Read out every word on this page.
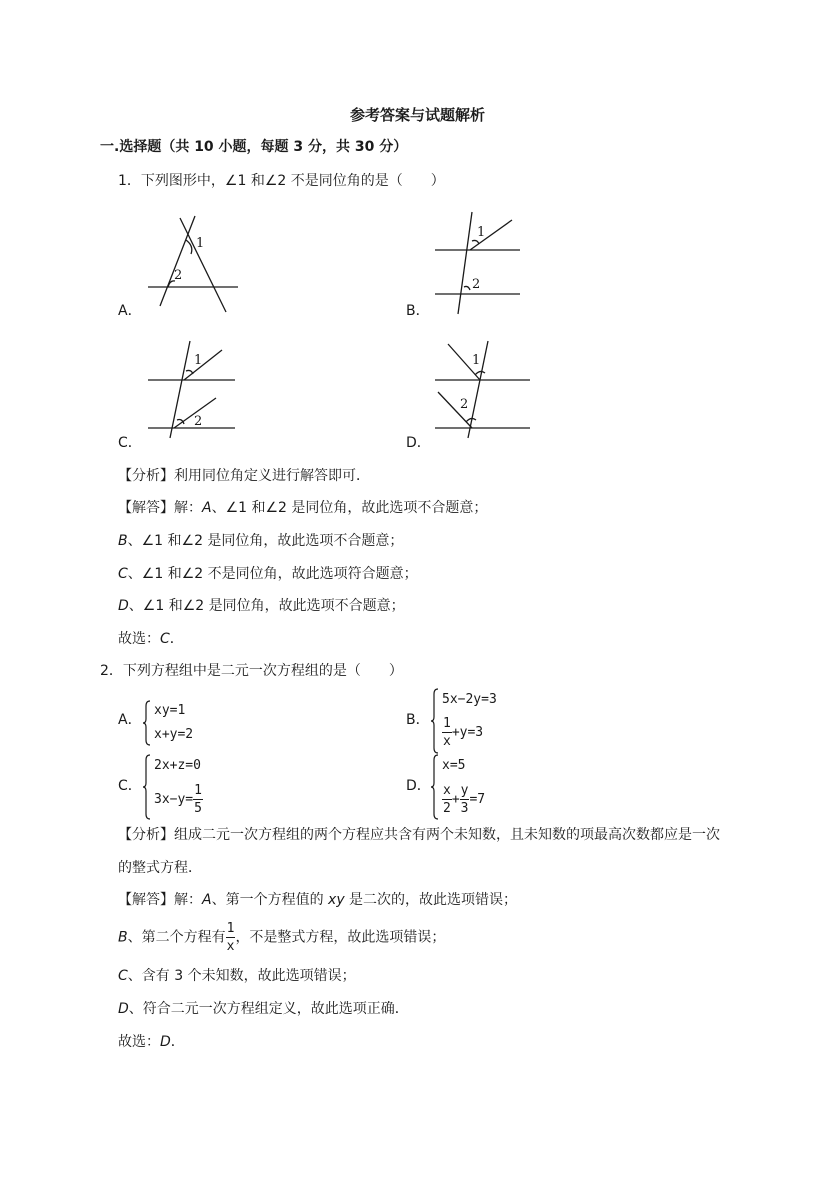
参考答案与试题解析
一.选择题（共 10 小题，每题 3 分，共 30 分）
1．下列图形中，∠1 和∠2 不是同位角的是（　　）
1
2
A．
1
2
B．
1
2
C．
1
2
D．
【分析】利用同位角定义进行解答即可．
【解答】解：A、∠1 和∠2 是同位角，故此选项不合题意；
B、∠1 和∠2 是同位角，故此选项不合题意；
C、∠1 和∠2 不是同位角，故此选项符合题意；
D、∠1 和∠2 是同位角，故此选项不合题意；
故选：C．
2．下列方程组中是二元一次方程组的是（　　）
A．
xy=1
x+y=2
B．
5x−2y=3
$\frac{1}{x} +y=3$
C．
2x+z=0
$3x-y= \frac{1}{5}$	D．
x=5
$\frac{x}{2} + \frac{y}{3} =7$
【分析】组成二元一次方程组的两个方程应共含有两个未知数，且未知数的项最高次数都应是一次
的整式方程．
【解答】解：A、第一个方程值的 xy 是二次的，故此选项错误；
B、第二个方程有 $\frac{1}{x}$ ，不是整式方程，故此选项错误；
C、含有 3 个未知数，故此选项错误；
D、符合二元一次方程组定义，故此选项正确．
故选：D．
